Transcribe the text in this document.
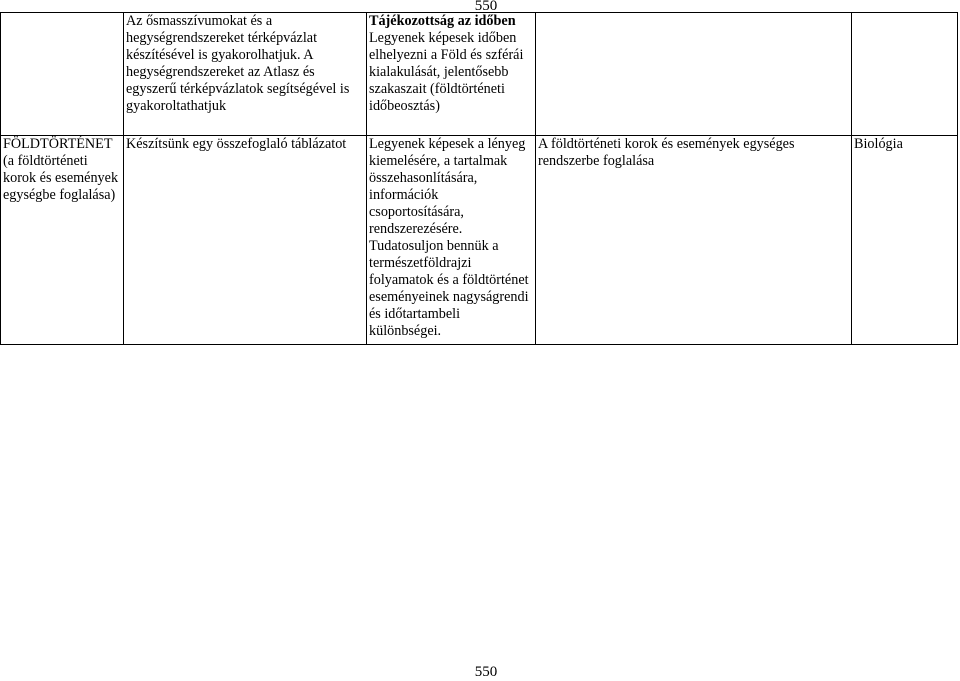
550
	Az ősmasszívumokat és a hegységrendszereket térképvázlat készítésével is gyakorolhatjuk. A hegységrendszereket az Atlasz és egyszerű térképvázlatok segítségével is gyakoroltathatjuk	Tájékozottság az időben
Legyenek képesek időben elhelyezni a Föld és szférái kialakulását, jelentősebb szakaszait (földtörténeti időbeosztás)		

FÖLDTÖRTÉNET (a földtörténeti korok és események egységbe foglalása)	Készítsünk egy összefoglaló táblázatot	Legyenek képesek a lényeg kiemelésére, a tartalmak összehasonlítására, információk csoportosítására, rendszerezésére. Tudatosuljon bennük a természetföldrajzi folyamatok és a földtörténet eseményeinek nagyságrendi és időtartambeli különbségei.	A földtörténeti korok és események egységes rendszerbe foglalása	Biológia
550
